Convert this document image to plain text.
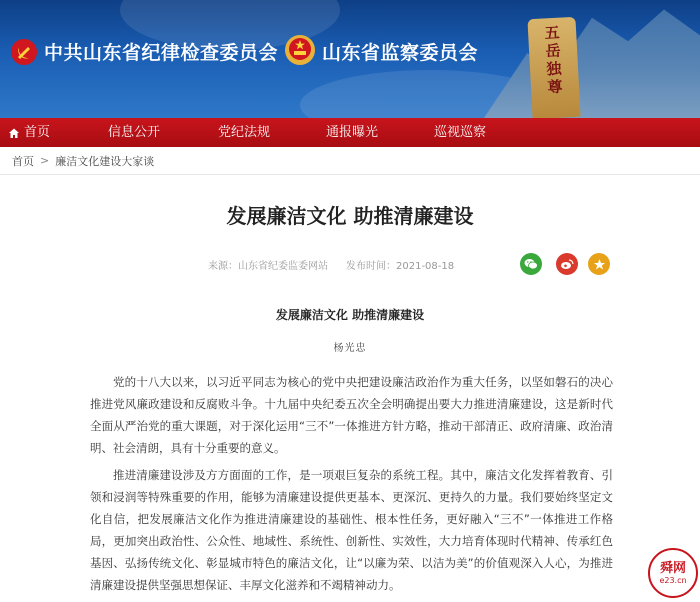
五
岳
独
尊
中共山东省纪律检查委员会 山东省监察委员会
首页	信息公开	党纪法规	通报曝光	巡视巡察
首页 > 廉洁文化建设大家谈
发展廉洁文化 助推清廉建设
来源：山东省纪委监委网站 发布时间：2021-08-18
发展廉洁文化 助推清廉建设
杨光忠

党的十八大以来，以习近平同志为核心的党中央把建设廉洁政治作为重大任务，以坚如磐石的决心推进党风廉政建设和反腐败斗争。十九届中央纪委五次全会明确提出要大力推进清廉建设，这是新时代全面从严治党的重大课题，对于深化运用“三不”一体推进方针方略，推动干部清正、政府清廉、政治清明、社会清朗，具有十分重要的意义。

推进清廉建设涉及方方面面的工作，是一项艰巨复杂的系统工程。其中，廉洁文化发挥着教育、引领和浸润等特殊重要的作用，能够为清廉建设提供更基本、更深沉、更持久的力量。我们要始终坚定文化自信，把发展廉洁文化作为推进清廉建设的基础性、根本性任务，更好融入“三不”一体推进工作格局，更加突出政治性、公众性、地域性、系统性、创新性、实效性，大力培育体现时代精神、传承红色基因、弘扬传统文化、彰显城市特色的廉洁文化，让“以廉为荣、以洁为美”的价值观深入人心，为推进清廉建设提供坚强思想保证、丰厚文化滋养和不竭精神动力。

舜网
e23.cn
